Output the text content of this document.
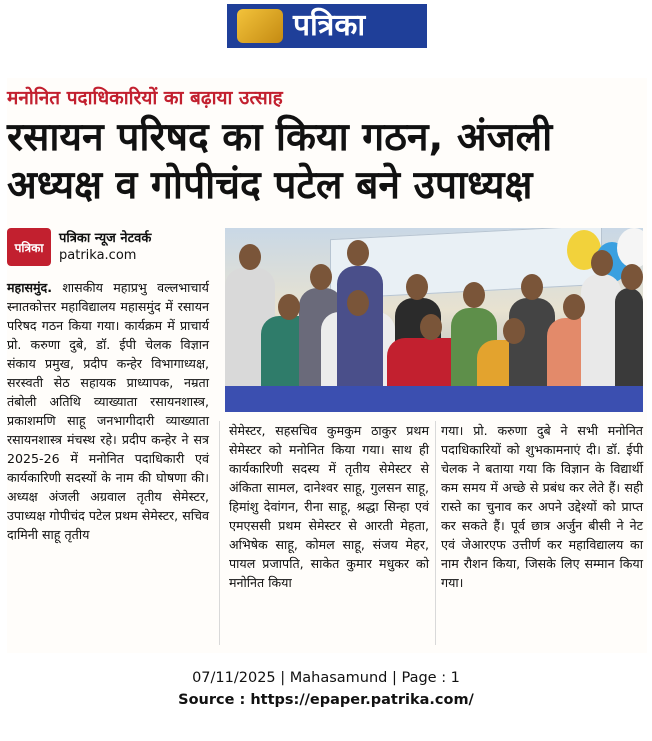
पत्रिका
मनोनित पदाधिकारियों का बढ़ाया उत्साह
रसायन परिषद का किया गठन, अंजली
अध्यक्ष व गोपीचंद पटेल बने उपाध्यक्ष
पत्रिका
पत्रिका न्यूज नेटवर्क
patrika.com

महासमुंद. शासकीय महाप्रभु वल्लभाचार्य स्नातकोत्तर महाविद्यालय महासमुंद में रसायन परिषद गठन किया गया। कार्यक्रम में प्राचार्य प्रो. करुणा दुबे, डॉ. ईपी चेलक विज्ञान संकाय प्रमुख, प्रदीप कन्हेर विभागाध्यक्ष, सरस्वती सेठ सहायक प्राध्यापक, नम्रता तंबोली अतिथि व्याख्याता रसायनशास्त्र, प्रकाशमणि साहू जनभागीदारी व्याख्याता रसायनशास्त्र मंचस्थ रहे। प्रदीप कन्हेर ने सत्र 2025-26 में मनोनित पदाधिकारी एवं कार्यकारिणी सदस्यों के नाम की घोषणा की। अध्यक्ष अंजली अग्रवाल तृतीय सेमेस्टर, उपाध्यक्ष गोपीचंद पटेल प्रथम सेमेस्टर, सचिव दामिनी साहू तृतीय

सेमेस्टर, सहसचिव कुमकुम ठाकुर प्रथम सेमेस्टर को मनोनित किया गया। साथ ही कार्यकारिणी सदस्य में तृतीय सेमेस्टर से अंकिता सामल, दानेश्वर साहू, गुलसन साहू, हिमांशु देवांगन, रीना साहू, श्रद्धा सिन्हा एवं एमएससी प्रथम सेमेस्टर से आरती मेहता, अभिषेक साहू, कोमल साहू, संजय मेहर, पायल प्रजापति, साकेत कुमार मधुकर को मनोनित किया

गया। प्रो. करुणा दुबे ने सभी मनोनित पदाधिकारियों को शुभकामनाएं दी। डॉ. ईपी चेलक ने बताया गया कि विज्ञान के विद्यार्थी कम समय में अच्छे से प्रबंध कर लेते हैं। सही रास्ते का चुनाव कर अपने उद्देश्यों को प्राप्त कर सकते हैं। पूर्व छात्र अर्जुन बीसी ने नेट एवं जेआरएफ उत्तीर्ण कर महाविद्यालय का नाम रौशन किया, जिसके लिए सम्मान किया गया।

07/11/2025 | Mahasamund | Page : 1
Source : https://epaper.patrika.com/
